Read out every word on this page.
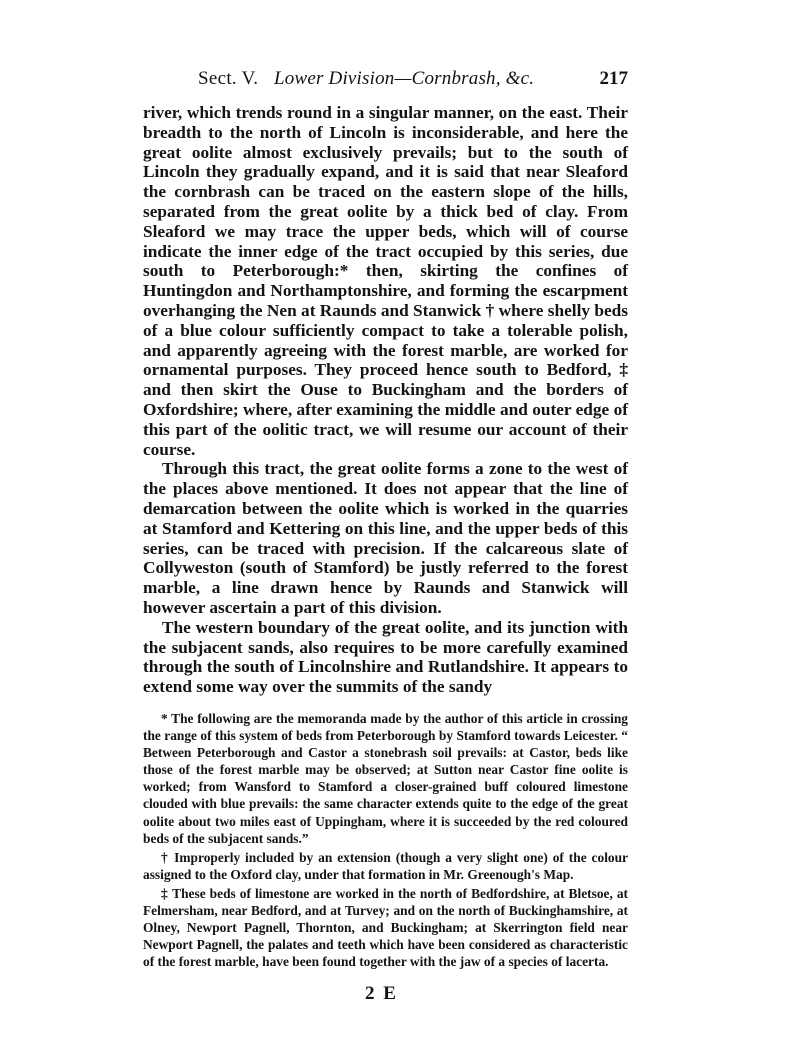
Sect. V. Lower Division—Cornbrash, &c.	217

river, which trends round in a singular manner, on the east. Their breadth to the north of Lincoln is inconsiderable, and here the great oolite almost exclusively prevails; but to the south of Lincoln they gradually expand, and it is said that near Sleaford the cornbrash can be traced on the eastern slope of the hills, separated from the great oolite by a thick bed of clay. From Sleaford we may trace the upper beds, which will of course indicate the inner edge of the tract occupied by this series, due south to Peterborough:* then, skirting the confines of Huntingdon and Northamptonshire, and forming the escarpment overhanging the Nen at Raunds and Stanwick † where shelly beds of a blue colour sufficiently compact to take a tolerable polish, and apparently agreeing with the forest marble, are worked for ornamental purposes. They proceed hence south to Bedford, ‡ and then skirt the Ouse to Buckingham and the borders of Oxfordshire; where, after examining the middle and outer edge of this part of the oolitic tract, we will resume our account of their course.

Through this tract, the great oolite forms a zone to the west of the places above mentioned. It does not appear that the line of demarcation between the oolite which is worked in the quarries at Stamford and Kettering on this line, and the upper beds of this series, can be traced with precision. If the calcareous slate of Collyweston (south of Stamford) be justly referred to the forest marble, a line drawn hence by Raunds and Stanwick will however ascertain a part of this division.

The western boundary of the great oolite, and its junction with the subjacent sands, also requires to be more carefully examined through the south of Lincolnshire and Rutlandshire. It appears to extend some way over the summits of the sandy

* The following are the memoranda made by the author of this article in crossing the range of this system of beds from Peterborough by Stamford towards Leicester. “ Between Peterborough and Castor a stonebrash soil prevails: at Castor, beds like those of the forest marble may be observed; at Sutton near Castor fine oolite is worked; from Wansford to Stamford a closer-grained buff coloured limestone clouded with blue prevails: the same character extends quite to the edge of the great oolite about two miles east of Uppingham, where it is succeeded by the red coloured beds of the subjacent sands.”

† Improperly included by an extension (though a very slight one) of the colour assigned to the Oxford clay, under that formation in Mr. Greenough's Map.

‡ These beds of limestone are worked in the north of Bedfordshire, at Bletsoe, at Felmersham, near Bedford, and at Turvey; and on the north of Buckinghamshire, at Olney, Newport Pagnell, Thornton, and Buckingham; at Skerrington field near Newport Pagnell, the palates and teeth which have been considered as characteristic of the forest marble, have been found together with the jaw of a species of lacerta.

2 E
